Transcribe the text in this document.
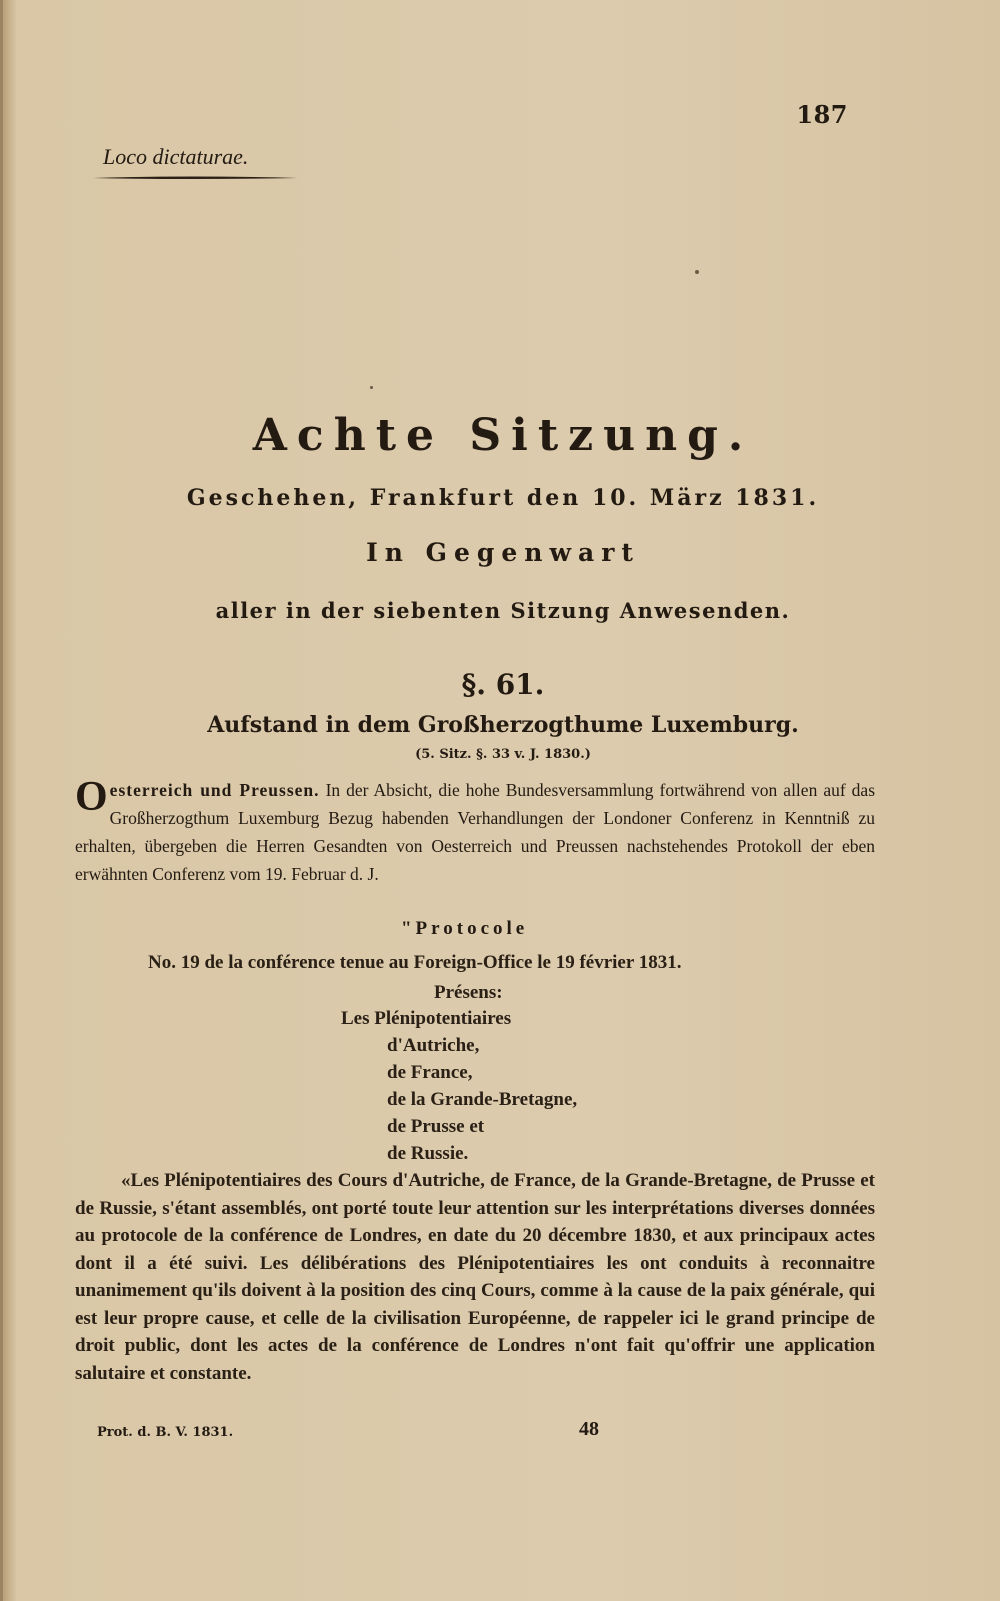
187
Loco dictaturae.
Achte Sitzung.
Geschehen, Frankfurt den 10. März 1831.
In Gegenwart
aller in der siebenten Sitzung Anwesenden.
§. 61.
Aufstand in dem Großherzogthume Luxemburg.
(5. Sitz. §. 33 v. J. 1830.)
Oesterreich und Preussen. In der Absicht, die hohe Bundesversammlung fortwährend von allen auf das Großherzogthum Luxemburg Bezug habenden Verhandlungen der Londoner Conferenz in Kenntniß zu erhalten, übergeben die Herren Gesandten von Oesterreich und Preussen nachstehendes Protokoll der eben erwähnten Conferenz vom 19. Februar d. J.
"Protocole
No. 19 de la conférence tenue au Foreign-Office le 19 février 1831.
Présens:
Les Plénipotentiaires
d'Autriche,
de France,
de la Grande-Bretagne,
de Prusse et
de Russie.
«Les Plénipotentiaires des Cours d'Autriche, de France, de la Grande-Bretagne, de Prusse et de Russie, s'étant assemblés, ont porté toute leur attention sur les interprétations diverses données au protocole de la conférence de Londres, en date du 20 décembre 1830, et aux principaux actes dont il a été suivi. Les délibérations des Plénipotentiaires les ont conduits à reconnaitre unanimement qu'ils doivent à la position des cinq Cours, comme à la cause de la paix générale, qui est leur propre cause, et celle de la civilisation Européenne, de rappeler ici le grand principe de droit public, dont les actes de la conférence de Londres n'ont fait qu'offrir une application salutaire et constante.
Prot. d. B. V. 1831.	48
